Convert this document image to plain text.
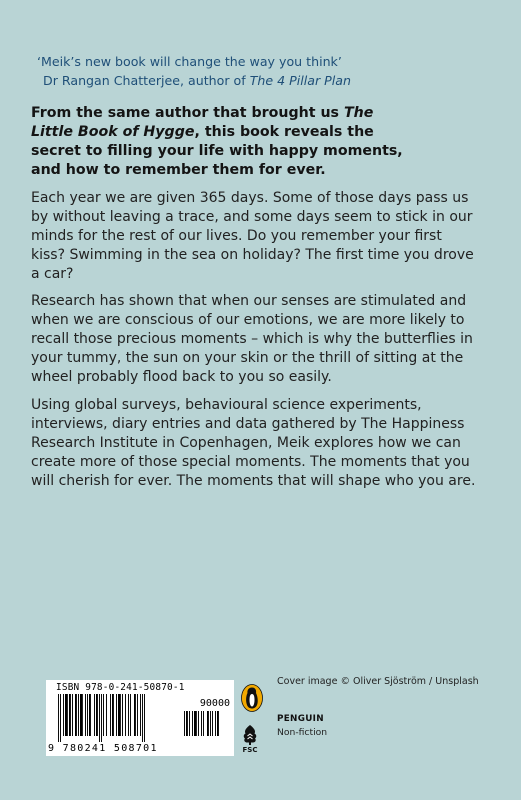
‘Meik’s new book will change the way you think’
Dr Rangan Chatterjee, author of The 4 Pillar Plan
From the same author that brought us The Little Book of Hygge, this book reveals the secret to filling your life with happy moments, and how to remember them for ever.
Each year we are given 365 days. Some of those days pass us by without leaving a trace, and some days seem to stick in our minds for the rest of our lives. Do you remember your first kiss? Swimming in the sea on holiday? The first time you drove a car?
Research has shown that when our senses are stimulated and when we are conscious of our emotions, we are more likely to recall those precious moments – which is why the butterflies in your tummy, the sun on your skin or the thrill of sitting at the wheel probably flood back to you so easily.
Using global surveys, behavioural science experiments, interviews, diary entries and data gathered by The Happiness Research Institute in Copenhagen, Meik explores how we can create more of those special moments. The moments that you will cherish for ever. The moments that will shape who you are.
ISBN 978-0-241-50870-1
90000
9 780241 508701
Cover image © Oliver Sjöström / Unsplash
PENGUIN
Non-fiction
FSC
